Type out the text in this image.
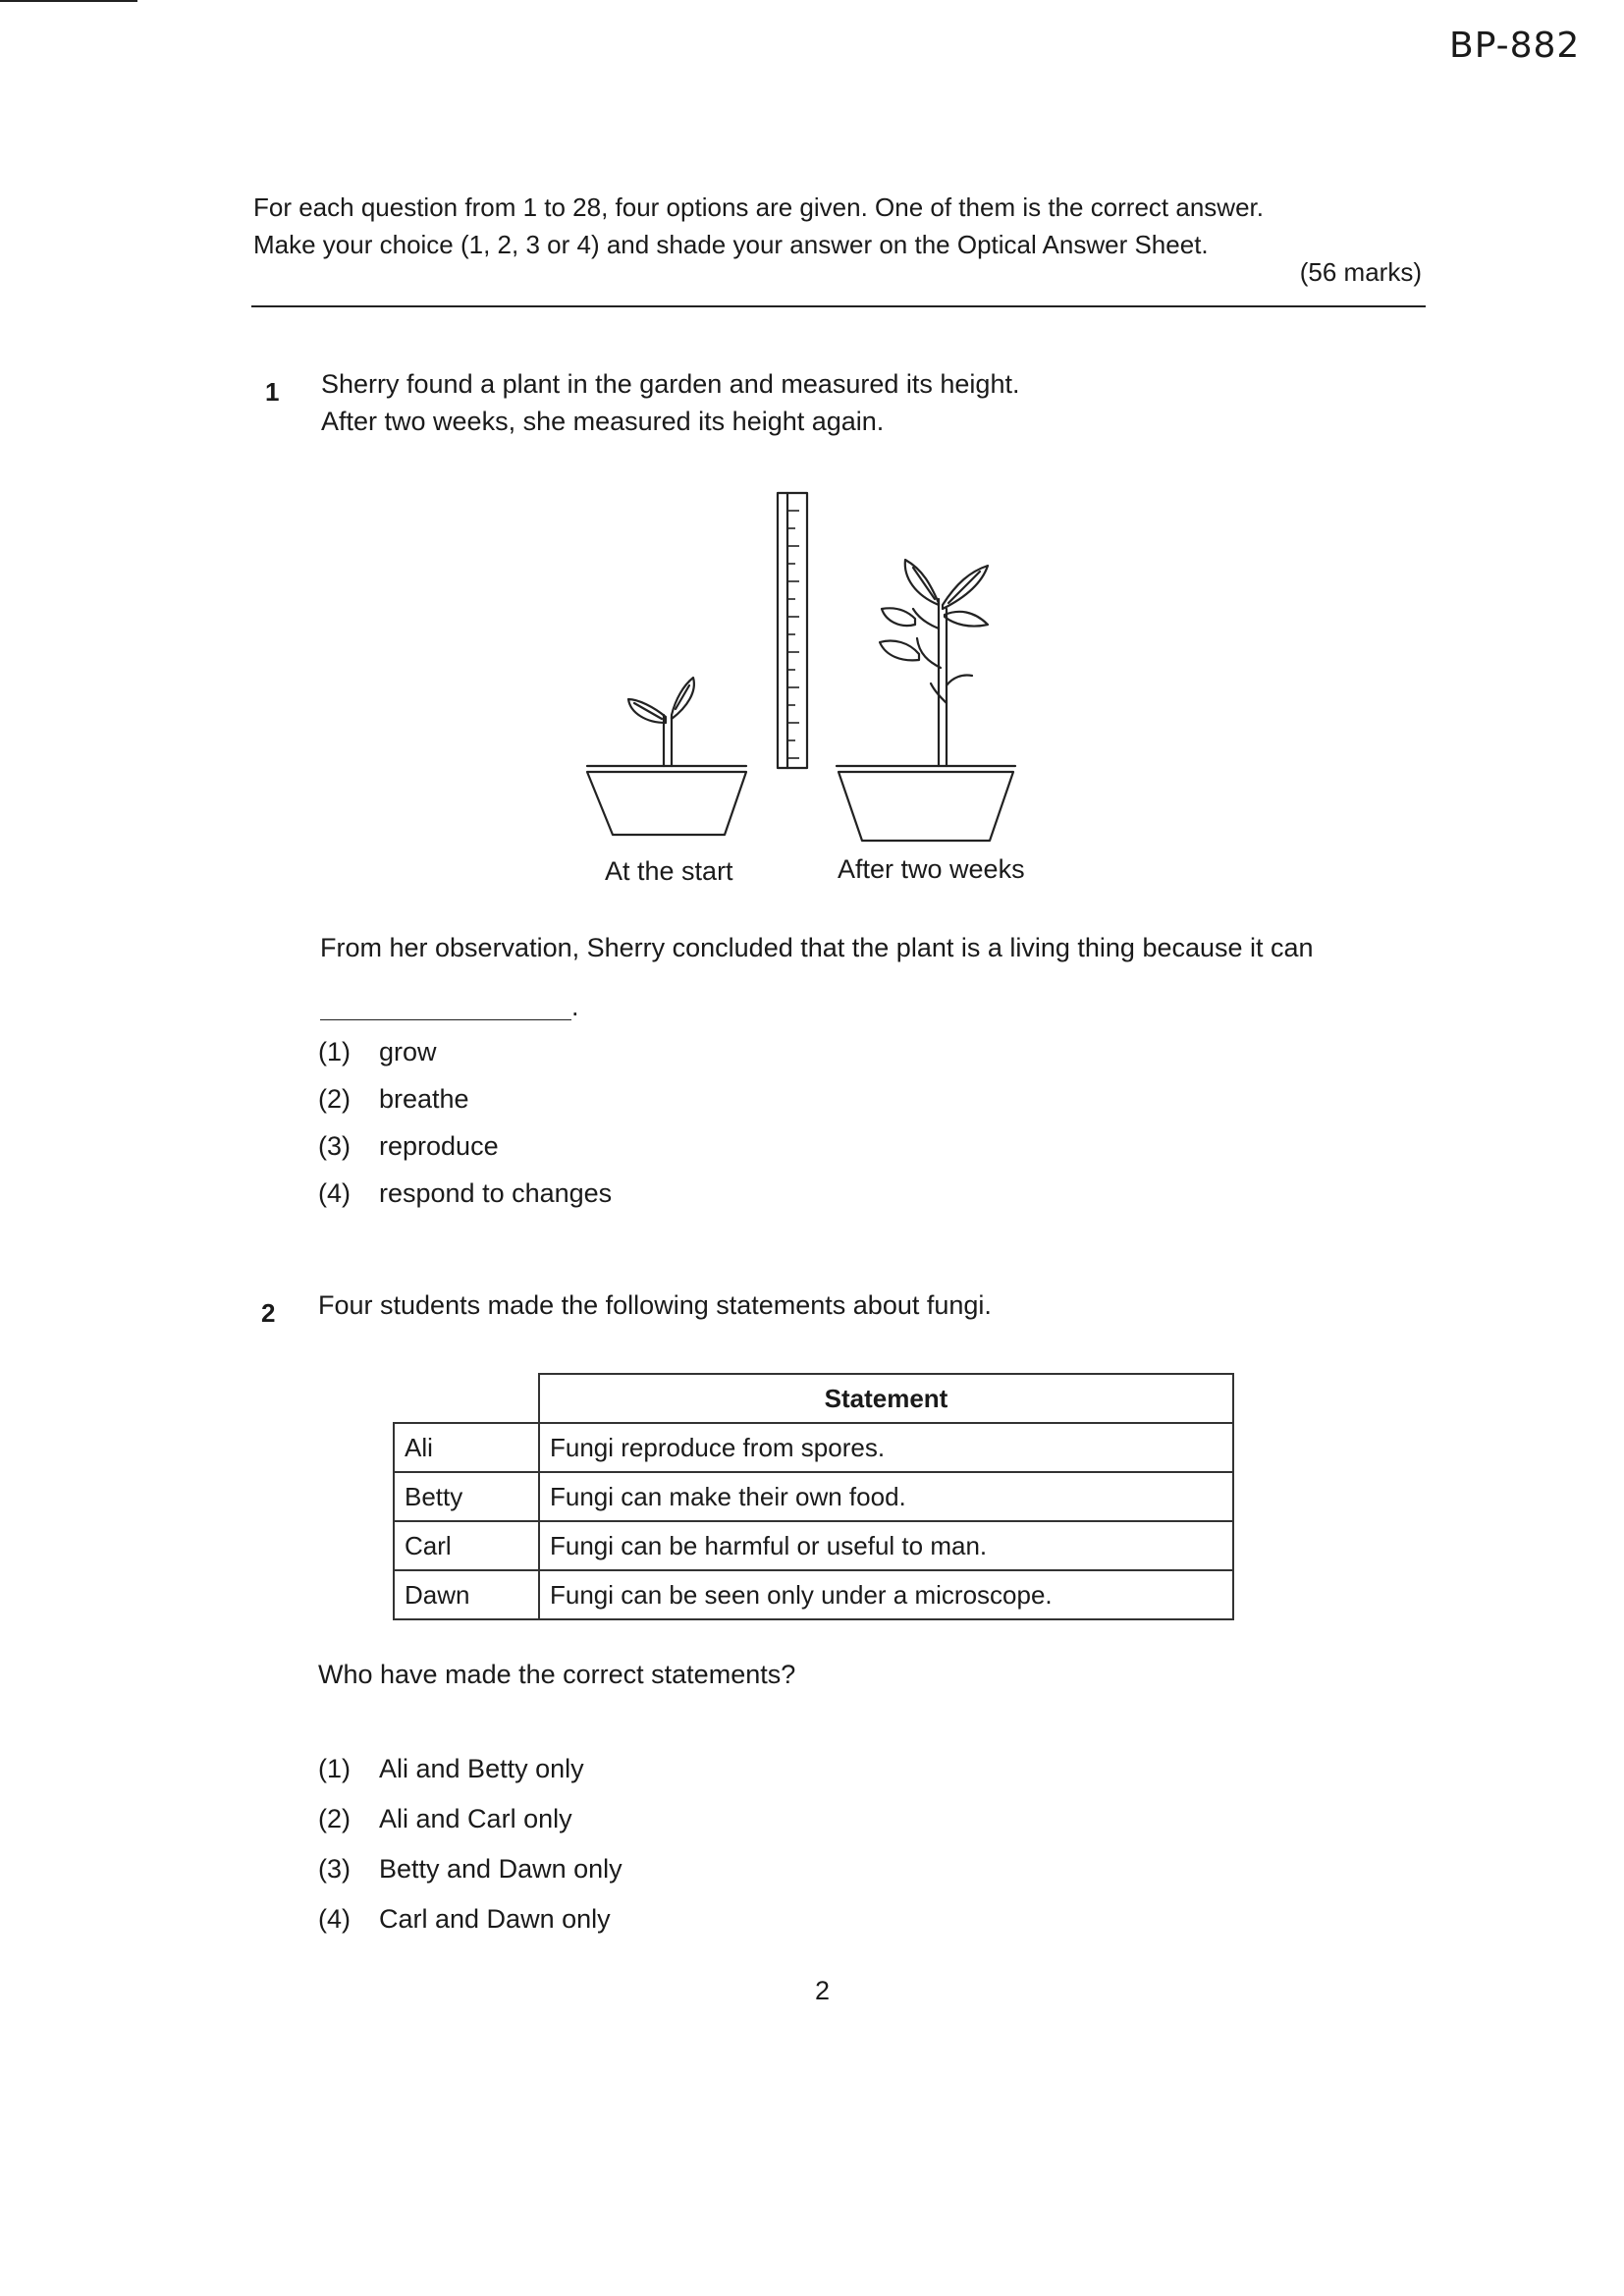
BP-882

For each question from 1 to 28, four options are given. One of them is the correct answer.

Make your choice (1, 2, 3 or 4) and shade your answer on the Optical Answer Sheet.

(56 marks)
1 Sherry found a plant in the garden and measured its height.

After two weeks, she measured its height again.

At the start	After two weeks
From her observation, Sherry concluded that the plant is a living thing because it can
.
(1)	grow
(2)	breathe
(3)	reproduce
(4)	respond to changes
2 Four students made the following statements about fungi.
	Statement
Ali	Fungi reproduce from spores.
Betty	Fungi can make their own food.
Carl	Fungi can be harmful or useful to man.
Dawn	Fungi can be seen only under a microscope.
Who have made the correct statements?
(1)	Ali and Betty only
(2)	Ali and Carl only
(3)	Betty and Dawn only
(4)	Carl and Dawn only
2
